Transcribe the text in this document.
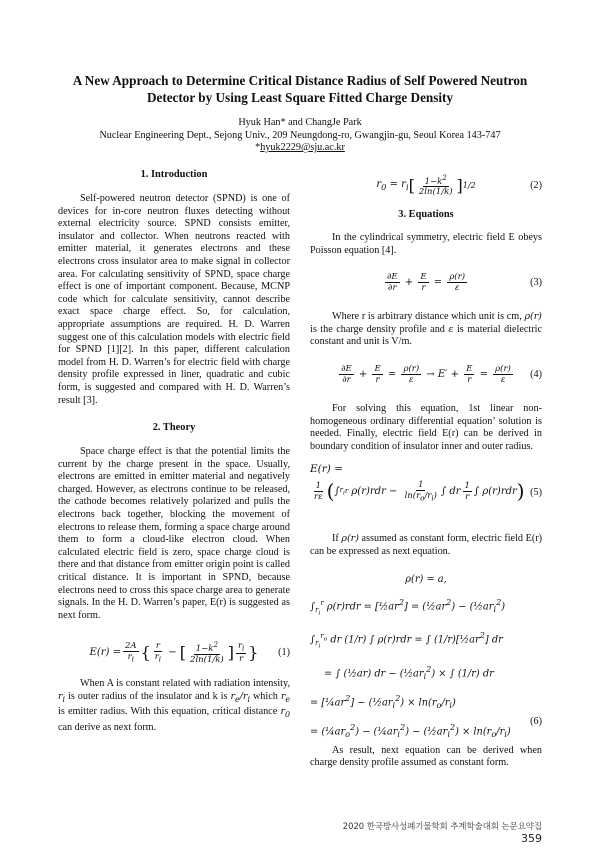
A New Approach to Determine Critical Distance Radius of Self Powered Neutron Detector by Using Least Square Fitted Charge Density
Hyuk Han* and ChangJe Park
Nuclear Engineering Dept., Sejong Univ., 209 Neungdong-ro, Gwangjin-gu, Seoul Korea 143-747
*hyuk2229@sju.ac.kr
1. Introduction

Self-powered neutron detector (SPND) is one of devices for in-core neutron fluxes detecting without external electricity source. SPND consists emitter, insulator and collector. When neutrons reacted with emitter material, it generates electrons and these electrons cross insulator area to make signal in collector area. For calculating sensitivity of SPND, space charge effect is one of important component. Because, MCNP code which for calculate sensitivity, cannot describe exact space charge effect. So, for calculation, appropriate assumptions are required. H. D. Warren suggest one of this calculation models with electric field for SPND [1][2]. In this paper, different calculation model from H. D. Warren’s for electric field with charge density profile expressed in liner, quadratic and cubic form, is suggested and compared with H. D. Warren’s result [3].

2. Theory

Space charge effect is that the potential limits the current by the charge present in the space. Usually, electrons are emitted in emitter material and negatively charged. However, as electrons continue to be released, the cathode becomes relatively polarized and pulls the electrons back together, blocking the movement of electrons to release them, forming a space charge around them to form a cloud-like electron cloud. When calculated electric field is zero, space charge cloud is there and that distance from emitter origin point is called critical distance. It is important in SPND, because electrons need to cross this space charge area to generate signals. In the H. D. Warren’s paper, E(r) is suggested as next form.

$E(r) = \frac{2A}{r_i}$ { $\frac{r}{r_i}$ − [ $\frac{1-k^2}{2\ln(1/k)}$ ] $\frac{r_i}{r}$ } (1)

When A is constant related with radiation intensity, $r_i$ is outer radius of the insulator and k is $r_e/r_i$ which $r_e$ is emitter radius. With this equation, critical distance $r_0$ can derive as next form.

$r_0 = r_i$ [ $\frac{1-k^2}{2\ln(1/k)}$ ] 1/2	(2)
3. Equations

In the cylindrical symmetry, electric field E obeys Poisson equation [4].

$\frac{\partial E}{\partial r} + \frac{E}{r} = \frac{\rho(r)}{\varepsilon}$	(3)

Where r is arbitrary distance which unit is cm, ρ(r) is the charge density profile and ε is material dielectric constant and unit is V/m.

$\frac{\partial E}{\partial r} + \frac{E}{r} = \frac{\rho(r)}{\varepsilon} \to E' + \frac{E}{r} = \frac{\rho(r)}{\varepsilon} (4)$

For solving this equation, 1st linear non-homogeneous ordinary differential equation’ solution is needed. Finally, electric field E(r) can be derived in boundary condition of insulator inner and outer radius.

E(r) =
$\frac{1}{r\varepsilon}$ ( ∫ $r_i$ r $\rho(r)rdr - \frac{1}{\ln(r_o/r_i)}$ ∫ dr $\frac{1}{r}$ ∫ ρ(r)rdr ) (5)

If ρ(r) assumed as constant form, electric field E(r) can be expressed as next equation.

ρ(r) = a,
$\int_{r_i}^r$ $\rho(r)rdr = [\frac{1}{2}ar^2]$ = $(\frac{1}{2}ar^2)$ − $(\frac{1}{2}ar_i^2)$
$\int_{r_i}^{r_o}$ dr (1/r) ∫ ρ(r)rdr = ∫ $(1/r)[\frac{1}{2}ar^2]$ dr
= ∫ (½ar) dr − $(\frac{1}{2}ar_i^2)$ × ∫ (1/r) dr
= $[\frac{1}{4}ar^2]$ − $(\frac{1}{2}ar_i^2) \times \ln(r_o/r_i)$
= $(\frac{1}{4}ar_o^2)$ − $(\frac{1}{4}ar_i^2)$ − $(\frac{1}{2}ar_i^2) \times \ln(r_o/r_i)$
(6)

As result, next equation can be derived when charge density profile assumed as constant form.

2020 한국방사성폐기물학회 추계학술대회 논문요약집359
